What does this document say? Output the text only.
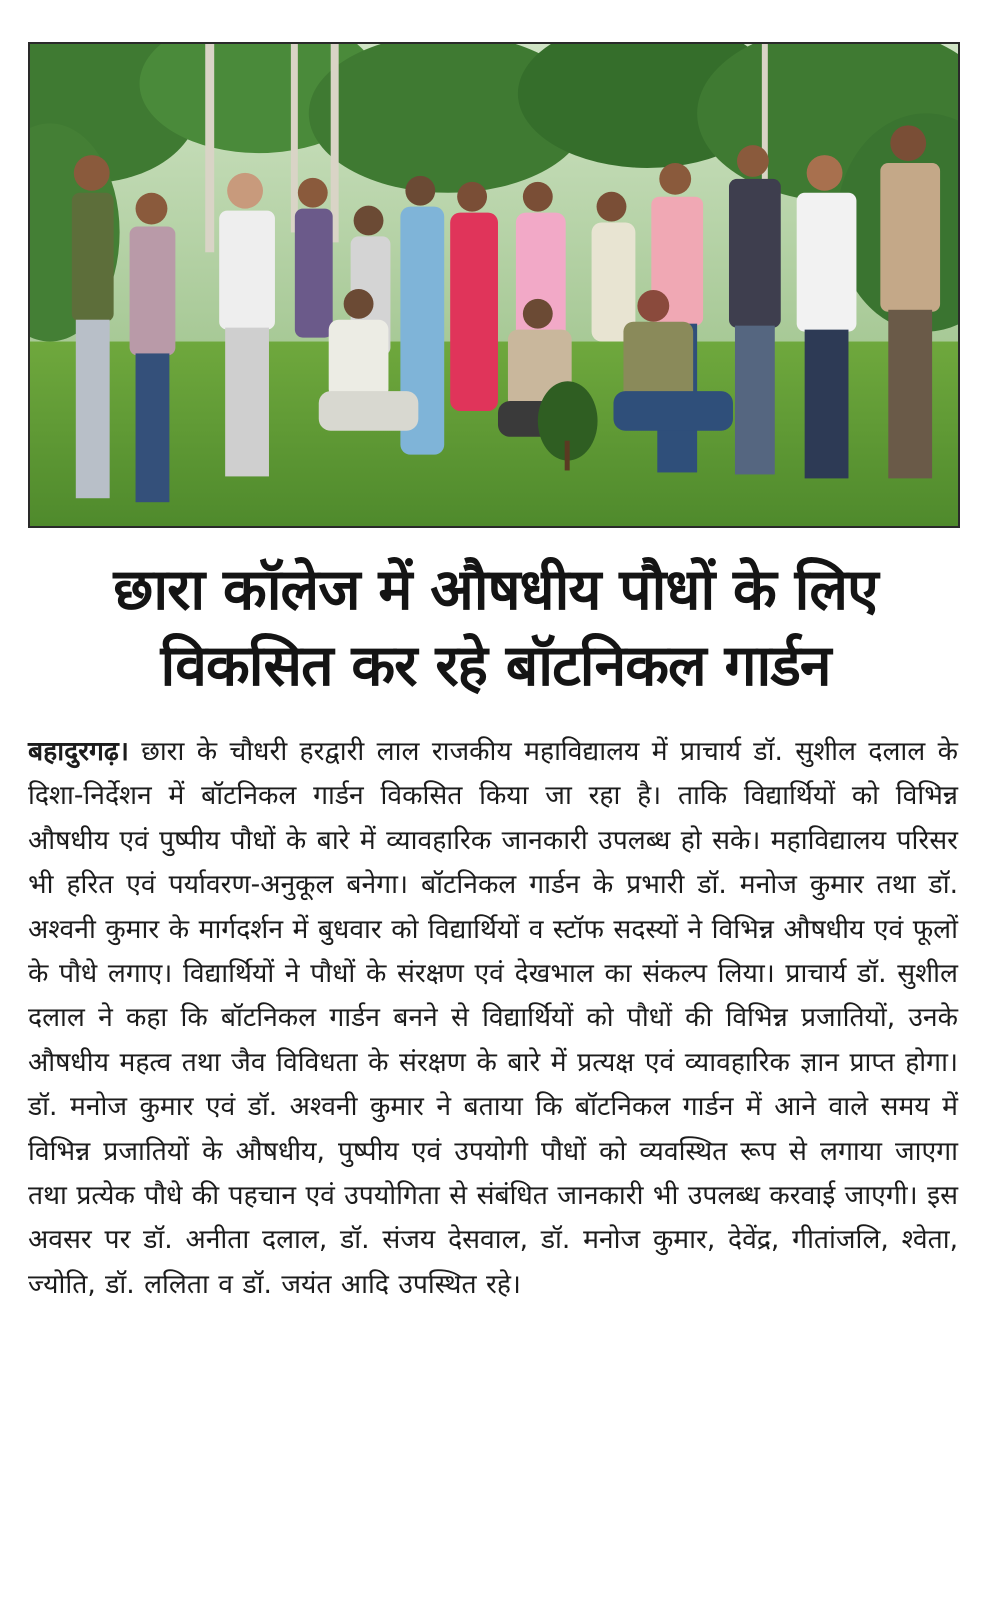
छारा कॉलेज में औषधीय पौधों के लिए
विकसित कर रहे बॉटनिकल गार्डन
बहादुरगढ़। छारा के चौधरी हरद्वारी लाल राजकीय महाविद्यालय में प्राचार्य डॉ. सुशील दलाल के दिशा-निर्देशन में बॉटनिकल गार्डन विकसित किया जा रहा है। ताकि विद्यार्थियों को विभिन्न औषधीय एवं पुष्पीय पौधों के बारे में व्यावहारिक जानकारी उपलब्ध हो सके। महाविद्यालय परिसर भी हरित एवं पर्यावरण-अनुकूल बनेगा। बॉटनिकल गार्डन के प्रभारी डॉ. मनोज कुमार तथा डॉ. अश्वनी कुमार के मार्गदर्शन में बुधवार को विद्यार्थियों व स्टॉफ सदस्यों ने विभिन्न औषधीय एवं फूलों के पौधे लगाए। विद्यार्थियों ने पौधों के संरक्षण एवं देखभाल का संकल्प लिया। प्राचार्य डॉ. सुशील दलाल ने कहा कि बॉटनिकल गार्डन बनने से विद्यार्थियों को पौधों की विभिन्न प्रजातियों, उनके औषधीय महत्व तथा जैव विविधता के संरक्षण के बारे में प्रत्यक्ष एवं व्यावहारिक ज्ञान प्राप्त होगा। डॉ. मनोज कुमार एवं डॉ. अश्वनी कुमार ने बताया कि बॉटनिकल गार्डन में आने वाले समय में विभिन्न प्रजातियों के औषधीय, पुष्पीय एवं उपयोगी पौधों को व्यवस्थित रूप से लगाया जाएगा तथा प्रत्येक पौधे की पहचान एवं उपयोगिता से संबंधित जानकारी भी उपलब्ध करवाई जाएगी। इस अवसर पर डॉ. अनीता दलाल, डॉ. संजय देसवाल, डॉ. मनोज कुमार, देवेंद्र, गीतांजलि, श्वेता, ज्योति, डॉ. ललिता व डॉ. जयंत आदि उपस्थित रहे।
